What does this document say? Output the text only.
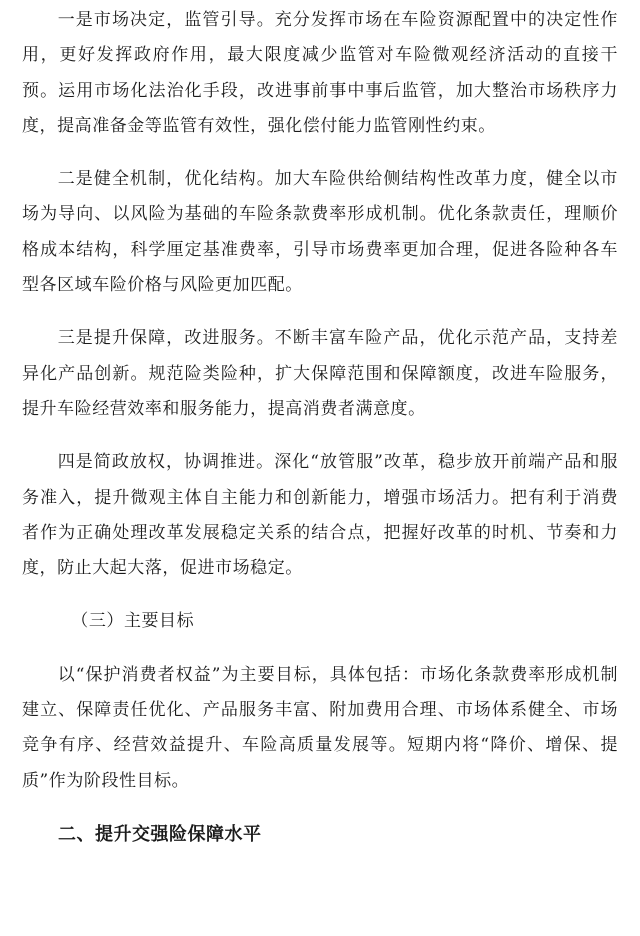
一是市场决定，监管引导。充分发挥市场在车险资源配置中的决定性作用，更好发挥政府作用，最大限度减少监管对车险微观经济活动的直接干预。运用市场化法治化手段，改进事前事中事后监管，加大整治市场秩序力度，提高准备金等监管有效性，强化偿付能力监管刚性约束。

二是健全机制，优化结构。加大车险供给侧结构性改革力度，健全以市场为导向、以风险为基础的车险条款费率形成机制。优化条款责任，理顺价格成本结构，科学厘定基准费率，引导市场费率更加合理，促进各险种各车型各区域车险价格与风险更加匹配。

三是提升保障，改进服务。不断丰富车险产品，优化示范产品，支持差异化产品创新。规范险类险种，扩大保障范围和保障额度，改进车险服务，提升车险经营效率和服务能力，提高消费者满意度。

四是简政放权，协调推进。深化“放管服”改革，稳步放开前端产品和服务准入，提升微观主体自主能力和创新能力，增强市场活力。把有利于消费者作为正确处理改革发展稳定关系的结合点，把握好改革的时机、节奏和力度，防止大起大落，促进市场稳定。

（三）主要目标

以“保护消费者权益”为主要目标，具体包括：市场化条款费率形成机制建立、保障责任优化、产品服务丰富、附加费用合理、市场体系健全、市场竞争有序、经营效益提升、车险高质量发展等。短期内将“降价、增保、提质”作为阶段性目标。

二、提升交强险保障水平
